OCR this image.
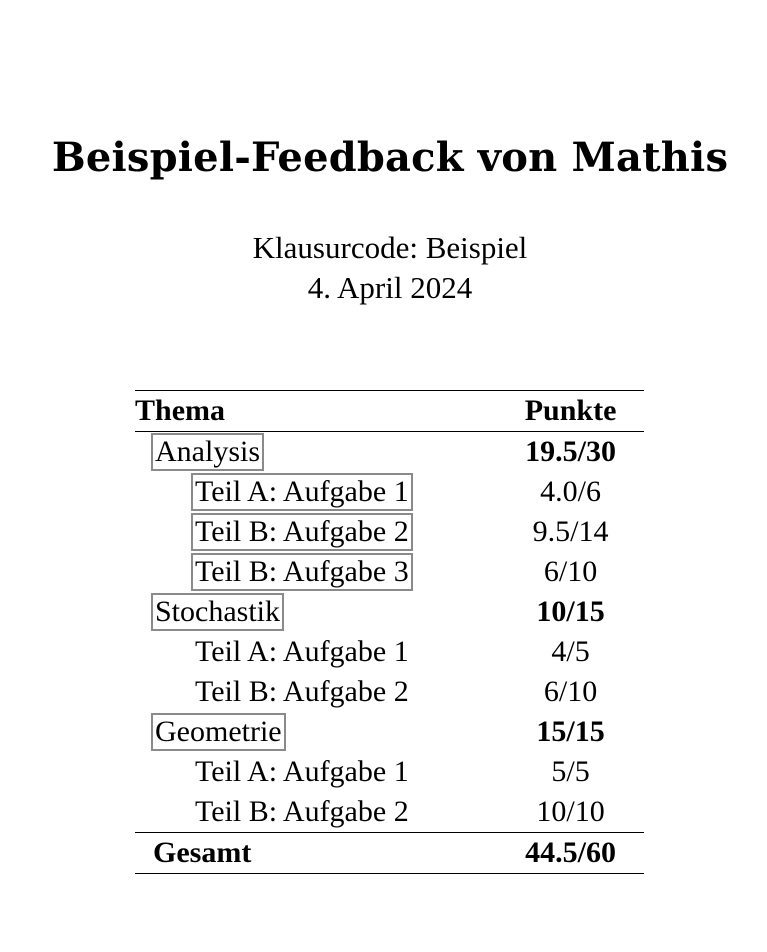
Beispiel-Feedback von Mathis
Klausurcode: Beispiel
4. April 2024
Thema	Punkte
Analysis	19.5/30
Teil A: Aufgabe 1	4.0/6
Teil B: Aufgabe 2	9.5/14
Teil B: Aufgabe 3	6/10
Stochastik	10/15
Teil A: Aufgabe 1	4/5
Teil B: Aufgabe 2	6/10
Geometrie	15/15
Teil A: Aufgabe 1	5/5
Teil B: Aufgabe 2	10/10
Gesamt	44.5/60
